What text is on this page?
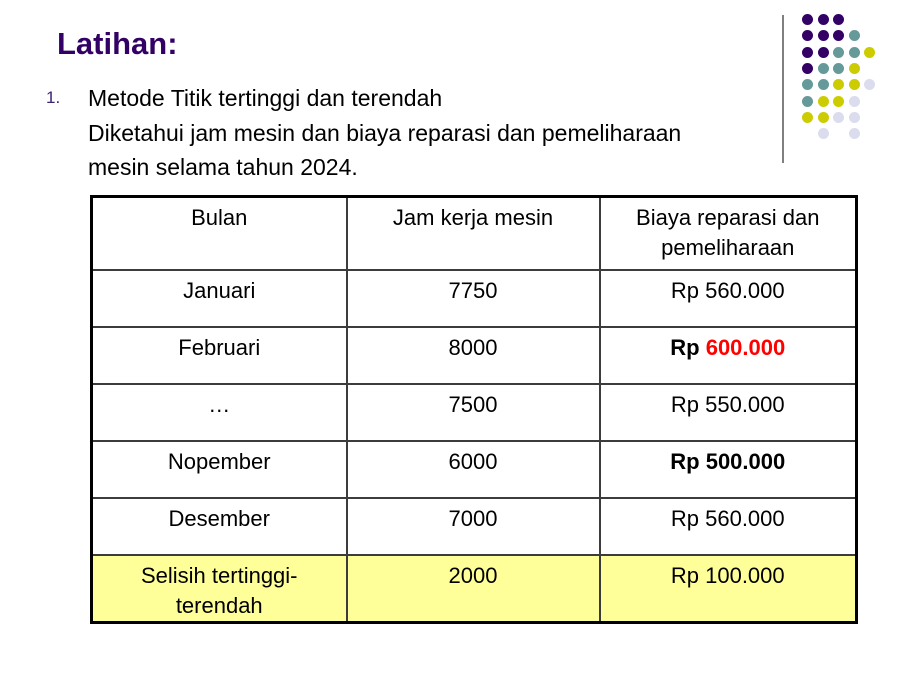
Latihan:
1. Metode Titik tertinggi dan terendah
Diketahui jam mesin dan biaya reparasi dan pemeliharaan
mesin selama tahun 2024.
Bulan	Jam kerja mesin	Biaya reparasi dan pemeliharaan
Januari	7750	Rp 560.000
Februari	8000	Rp 600.000
…	7500	Rp 550.000
Nopember	6000	Rp 500.000
Desember	7000	Rp 560.000
Selisih tertinggi-terendah	2000	Rp 100.000
